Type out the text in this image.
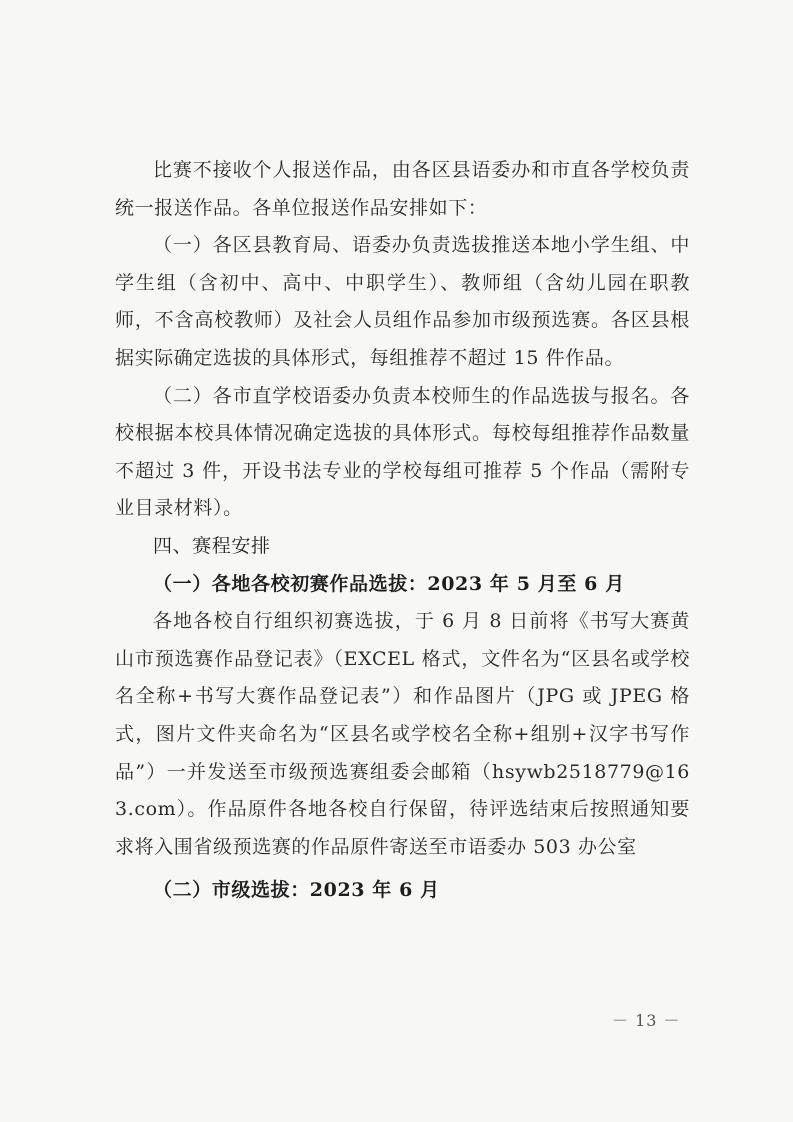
比赛不接收个人报送作品，由各区县语委办和市直各学校负责统一报送作品。各单位报送作品安排如下：

（一）各区县教育局、语委办负责选拔推送本地小学生组、中学生组（含初中、高中、中职学生）、教师组（含幼儿园在职教师，不含高校教师）及社会人员组作品参加市级预选赛。各区县根据实际确定选拔的具体形式，每组推荐不超过 15 件作品。

（二）各市直学校语委办负责本校师生的作品选拔与报名。各校根据本校具体情况确定选拔的具体形式。每校每组推荐作品数量不超过 3 件，开设书法专业的学校每组可推荐 5 个作品（需附专业目录材料）。

四、赛程安排

（一）各地各校初赛作品选拔：2023 年 5 月至 6 月

各地各校自行组织初赛选拔，于 6 月 8 日前将《书写大赛黄山市预选赛作品登记表》（EXCEL 格式，文件名为“区县名或学校名全称+书写大赛作品登记表”）和作品图片（JPG 或 JPEG 格式，图片文件夹命名为“区县名或学校名全称+组别+汉字书写作品”）一并发送至市级预选赛组委会邮箱（hsywb2518779@163.com）。作品原件各地各校自行保留，待评选结束后按照通知要求将入围省级预选赛的作品原件寄送至市语委办 503 办公室

（二）市级选拔：2023 年 6 月

－ 13 －
